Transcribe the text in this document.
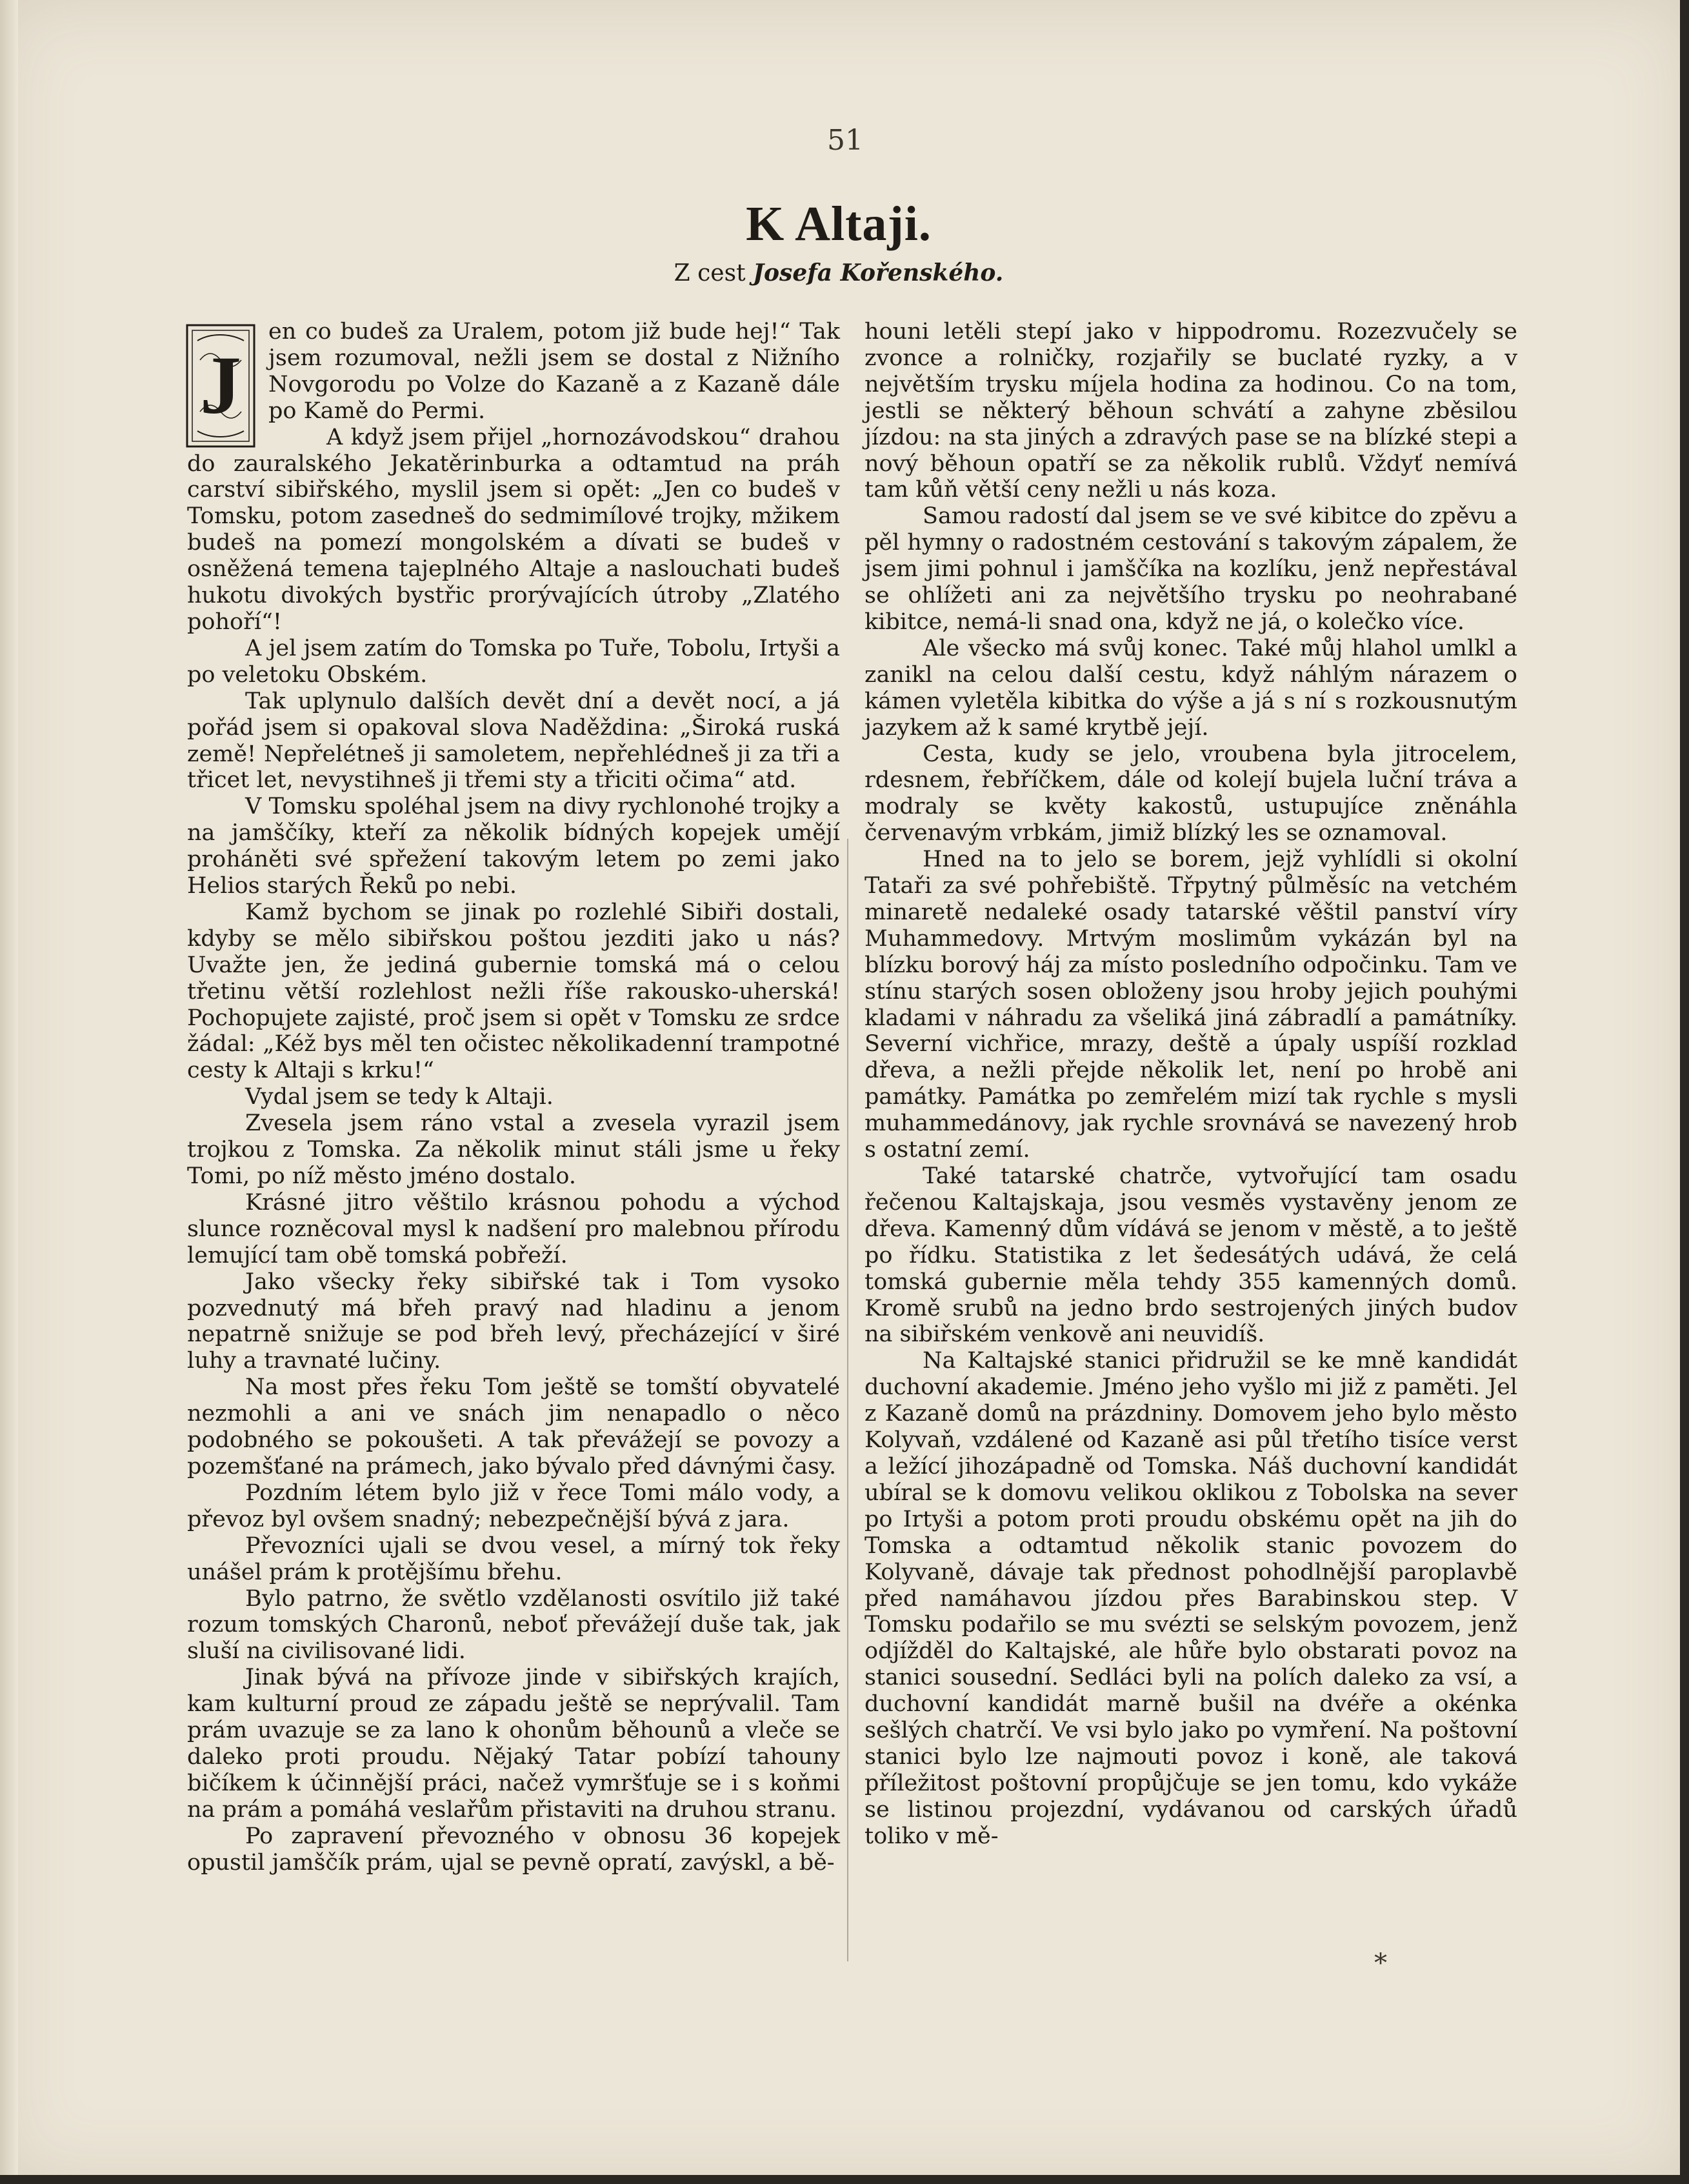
51
K Altaji.
Z cest Josefa Kořenského.
J

en co budeš za Uralem, potom již bude hej!“ Tak jsem rozumoval, nežli jsem se dostal z Nižního Novgorodu po Volze do Kazaně a z Kazaně dále po Kamě do Permi.

A když jsem přijel „hornozávodskou“ drahou do zauralského Jekatěrinburka a odtamtud na práh carství sibiřského, myslil jsem si opět: „Jen co budeš v Tomsku, potom zasedneš do sedmimílové trojky, mžikem budeš na pomezí mongolském a dívati se budeš v osněžená temena tajeplného Altaje a naslouchati budeš hukotu divokých bystřic prorývajících útroby „Zlatého pohoří“!

A jel jsem zatím do Tomska po Tuře, Tobolu, Irtyši a po veletoku Obském.

Tak uplynulo dalších devět dní a devět nocí, a já pořád jsem si opakoval slova Naděždina: „Široká ruská země! Nepřelétneš ji samoletem, nepřehlédneš ji za tři a třicet let, nevystihneš ji třemi sty a třiciti očima“ atd.

V Tomsku spoléhal jsem na divy rychlonohé trojky a na jamščíky, kteří za několik bídných kopejek umějí proháněti své spřežení takovým letem po zemi jako Helios starých Řeků po nebi.

Kamž bychom se jinak po rozlehlé Sibiři dostali, kdyby se mělo sibiřskou poštou jezditi jako u nás? Uvažte jen, že jediná gubernie tomská má o celou třetinu větší rozlehlost nežli říše rakousko-uherská! Pochopujete zajisté, proč jsem si opět v Tomsku ze srdce žádal: „Kéž bys měl ten očistec několikadenní trampotné cesty k Altaji s krku!“

Vydal jsem se tedy k Altaji.

Zvesela jsem ráno vstal a zvesela vyrazil jsem trojkou z Tomska. Za několik minut stáli jsme u řeky Tomi, po níž město jméno dostalo.

Krásné jitro věštilo krásnou pohodu a východ slunce rozněcoval mysl k nadšení pro malebnou přírodu lemující tam obě tomská pobřeží.

Jako všecky řeky sibiřské tak i Tom vysoko pozvednutý má břeh pravý nad hladinu a jenom nepatrně snižuje se pod břeh levý, přecházející v širé luhy a travnaté lučiny.

Na most přes řeku Tom ještě se tomští obyvatelé nezmohli a ani ve snách jim nenapadlo o něco podobného se pokoušeti. A tak převážejí se povozy a pozemšťané na prámech, jako bývalo před dávnými časy.

Pozdním létem bylo již v řece Tomi málo vody, a převoz byl ovšem snadný; nebezpečnější bývá z jara.

Převozníci ujali se dvou vesel, a mírný tok řeky unášel prám k protějšímu břehu.

Bylo patrno, že světlo vzdělanosti osvítilo již také rozum tomských Charonů, neboť převážejí duše tak, jak sluší na civilisované lidi.

Jinak bývá na přívoze jinde v sibiřských krajích, kam kulturní proud ze západu ještě se neprývalil. Tam prám uvazuje se za lano k ohonům běhounů a vleče se daleko proti proudu. Nějaký Tatar pobízí tahouny bičíkem k účinnější práci, načež vymršťuje se i s koňmi na prám a pomáhá veslařům přistaviti na druhou stranu.

Po zapravení převozného v obnosu 36 kopejek opustil jamščík prám, ujal se pevně opratí, zavýskl, a bě-

houni letěli stepí jako v hippodromu. Rozezvučely se zvonce a rolničky, rozjařily se buclaté ryzky, a v největším trysku míjela hodina za hodinou. Co na tom, jestli se některý běhoun schvátí a zahyne zběsilou jízdou: na sta jiných a zdravých pase se na blízké stepi a nový běhoun opatří se za několik rublů. Vždyť nemívá tam kůň větší ceny nežli u nás koza.

Samou radostí dal jsem se ve své kibitce do zpěvu a pěl hymny o radostném cestování s takovým zápalem, že jsem jimi pohnul i jamščíka na kozlíku, jenž nepřestával se ohlížeti ani za největšího trysku po neohrabané kibitce, nemá-li snad ona, když ne já, o kolečko více.

Ale všecko má svůj konec. Také můj hlahol umlkl a zanikl na celou další cestu, když náhlým nárazem o kámen vyletěla kibitka do výše a já s ní s rozkousnutým jazykem až k samé krytbě její.

Cesta, kudy se jelo, vroubena byla jitrocelem, rdesnem, řebříčkem, dále od kolejí bujela luční tráva a modraly se květy kakostů, ustupujíce zněnáhla červenavým vrbkám, jimiž blízký les se oznamoval.

Hned na to jelo se borem, jejž vyhlídli si okolní Tataři za své pohřebiště. Třpytný půlměsíc na vetchém minaretě nedaleké osady tatarské věštil panství víry Muhammedovy. Mrtvým moslimům vykázán byl na blízku borový háj za místo posledního odpočinku. Tam ve stínu starých sosen obloženy jsou hroby jejich pouhými kladami v náhradu za všeliká jiná zábradlí a památníky. Severní vichřice, mrazy, deště a úpaly uspíší rozklad dřeva, a nežli přejde několik let, není po hrobě ani památky. Památka po zemřelém mizí tak rychle s mysli muhammedánovy, jak rychle srovnává se navezený hrob s ostatní zemí.

Také tatarské chatrče, vytvořující tam osadu řečenou Kaltajskaja, jsou vesměs vystavěny jenom ze dřeva. Kamenný dům vídává se jenom v městě, a to ještě po řídku. Statistika z let šedesátých udává, že celá tomská gubernie měla tehdy 355 kamenných domů. Kromě srubů na jedno brdo sestrojených jiných budov na sibiřském venkově ani neuvidíš.

Na Kaltajské stanici přidružil se ke mně kandidát duchovní akademie. Jméno jeho vyšlo mi již z paměti. Jel z Kazaně domů na prázdniny. Domovem jeho bylo město Kolyvaň, vzdálené od Kazaně asi půl třetího tisíce verst a ležící jihozápadně od Tomska. Náš duchovní kandidát ubíral se k domovu velikou oklikou z Tobolska na sever po Irtyši a potom proti proudu obskému opět na jih do Tomska a odtamtud několik stanic povozem do Kolyvaně, dávaje tak přednost pohodlnější paroplavbě před namáhavou jízdou přes Barabinskou step. V Tomsku podařilo se mu svézti se selským povozem, jenž odjížděl do Kaltajské, ale hůře bylo obstarati povoz na stanici sousední. Sedláci byli na polích daleko za vsí, a duchovní kandidát marně bušil na dvéře a okénka sešlých chatrčí. Ve vsi bylo jako po vymření. Na poštovní stanici bylo lze najmouti povoz i koně, ale taková příležitost poštovní propůjčuje se jen tomu, kdo vykáže se listinou projezdní, vydávanou od carských úřadů toliko v mě-

*
